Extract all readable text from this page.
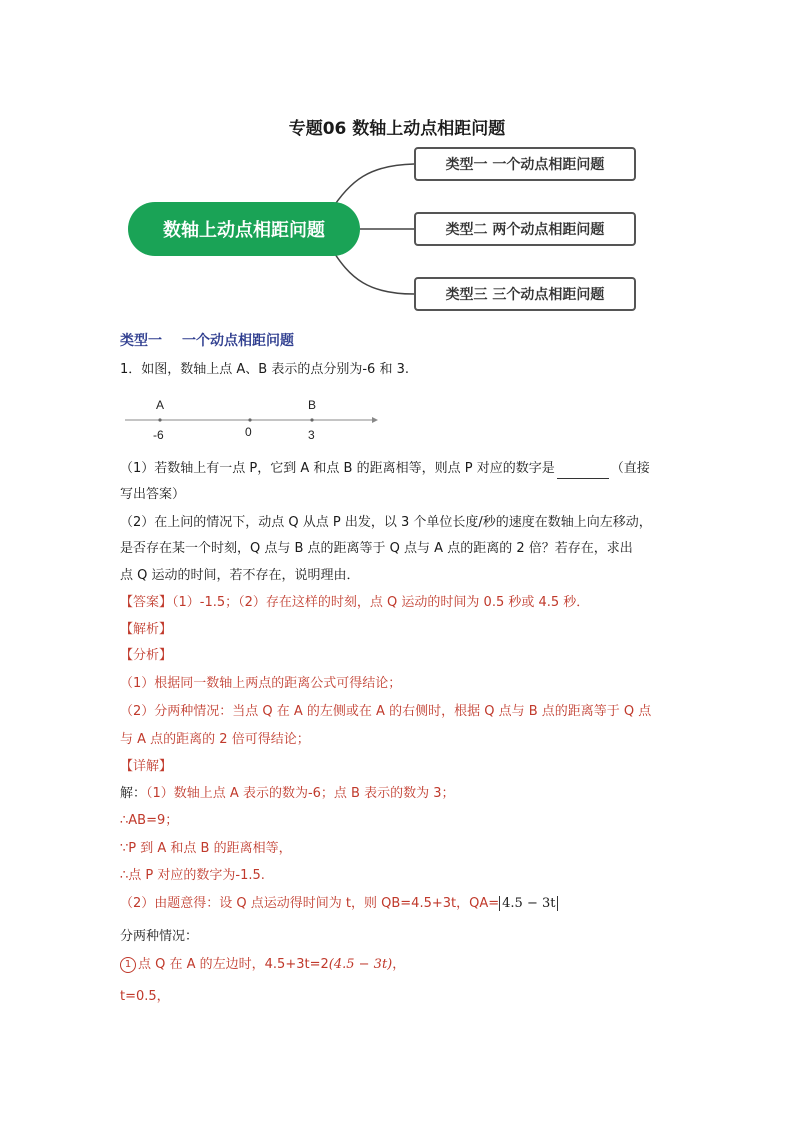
专题06 数轴上动点相距问题
数轴上动点相距问题
类型一 一个动点相距问题
类型二 两个动点相距问题
类型三 三个动点相距问题
类型一 一个动点相距问题
1．如图，数轴上点 A、B 表示的点分别为-6 和 3.
A	B
-6	0	3
（1）若数轴上有一点 P，它到 A 和点 B 的距离相等，则点 P 对应的数字是	（直接
写出答案）
（2）在上问的情况下，动点 Q 从点 P 出发，以 3 个单位长度/秒的速度在数轴上向左移动，
是否存在某一个时刻，Q 点与 B 点的距离等于 Q 点与 A 点的距离的 2 倍？若存在，求出
点 Q 运动的时间，若不存在，说明理由．
【答案】（1）-1.5；（2）存在这样的时刻，点 Q 运动的时间为 0.5 秒或 4.5 秒．
【解析】
【分析】
（1）根据同一数轴上两点的距离公式可得结论；
（2）分两种情况：当点 Q 在 A 的左侧或在 A 的右侧时，根据 Q 点与 B 点的距离等于 Q 点
与 A 点的距离的 2 倍可得结论；
【详解】
解：（1）数轴上点 A 表示的数为-6；点 B 表示的数为 3；
∴AB=9；
∵P 到 A 和点 B 的距离相等，
∴点 P 对应的数字为-1.5.
（2）由题意得：设 Q 点运动得时间为 t，则 QB=4.5+3t，QA= 4.5 − 3t
分两种情况：
1 点 Q 在 A 的左边时，4.5+3t=2(4.5 − 3t)，
t=0.5，
